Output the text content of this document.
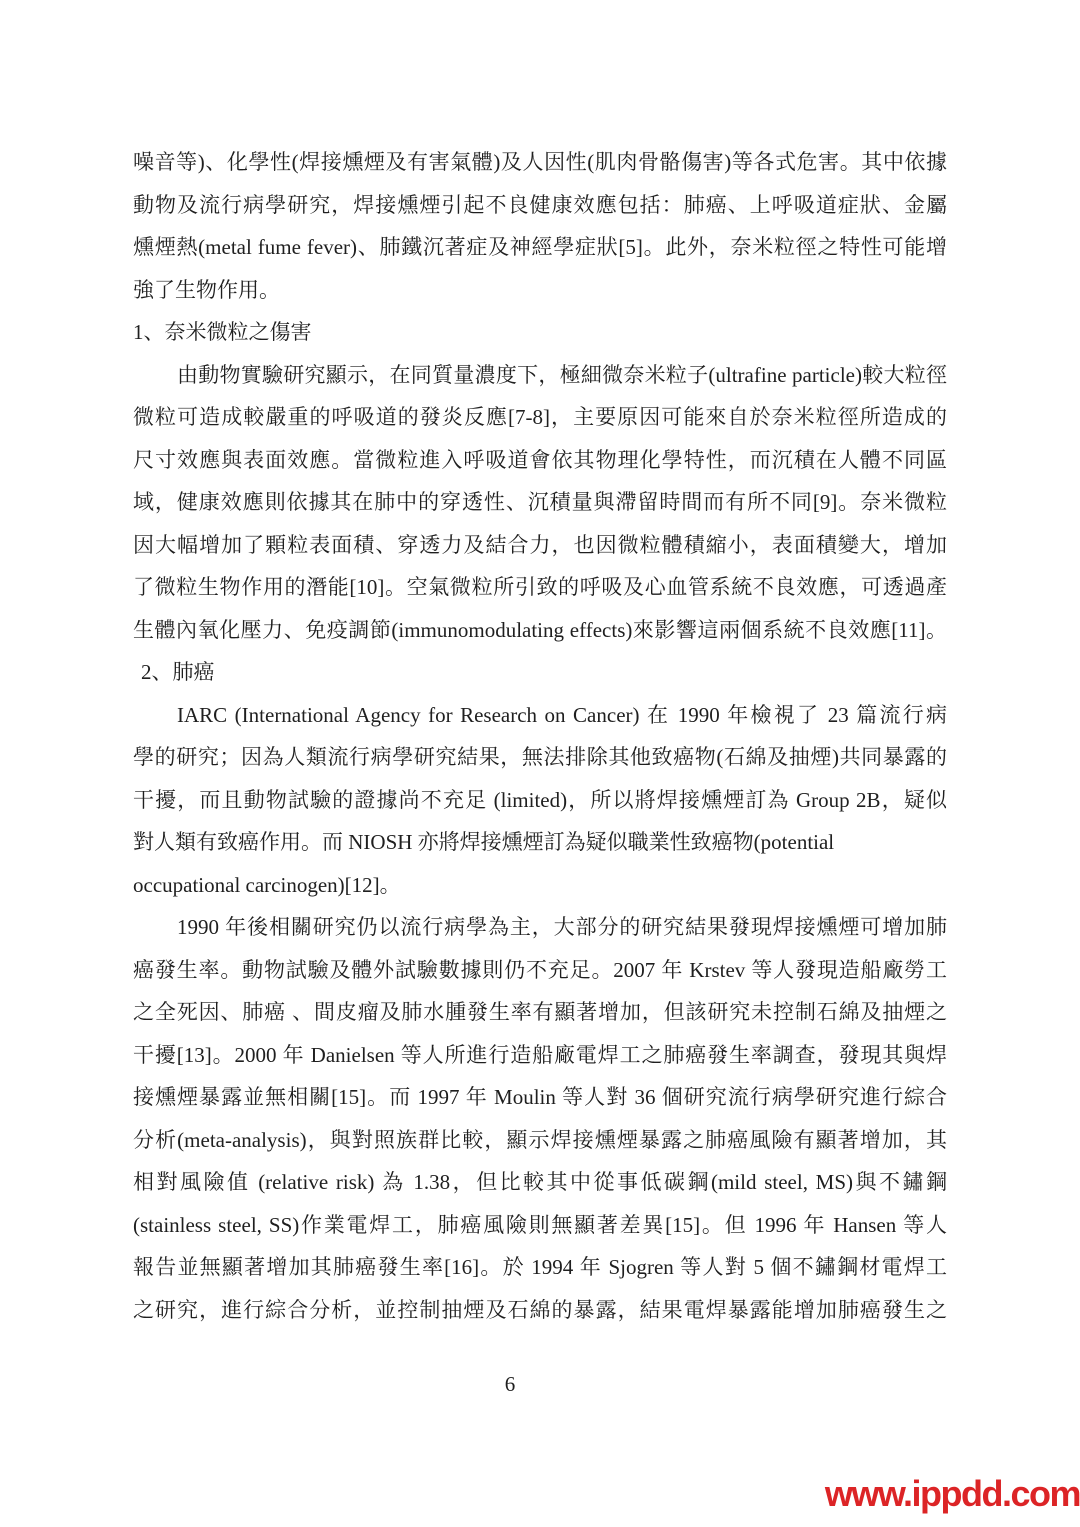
噪音等)、化學性(焊接燻煙及有害氣體)及人因性(肌肉骨骼傷害)等各式危害。其中依據
動物及流行病學研究，焊接燻煙引起不良健康效應包括：肺癌、上呼吸道症狀、金屬
燻煙熱(metal fume fever)、肺鐵沉著症及神經學症狀[5]。此外，奈米粒徑之特性可能增
強了生物作用。
1、奈米微粒之傷害
由動物實驗研究顯示，在同質量濃度下，極細微奈米粒子(ultrafine particle)較大粒徑
微粒可造成較嚴重的呼吸道的發炎反應[7-8]，主要原因可能來自於奈米粒徑所造成的
尺寸效應與表面效應。當微粒進入呼吸道會依其物理化學特性，而沉積在人體不同區
域，健康效應則依據其在肺中的穿透性、沉積量與滯留時間而有所不同[9]。奈米微粒
因大幅增加了顆粒表面積、穿透力及結合力，也因微粒體積縮小，表面積變大，增加
了微粒生物作用的潛能[10]。空氣微粒所引致的呼吸及心血管系統不良效應，可透過產
生體內氧化壓力、免疫調節(immunomodulating effects)來影響這兩個系統不良效應[11]。
2、肺癌
IARC (International Agency for Research on Cancer) 在 1990 年檢視了 23 篇流行病
學的研究；因為人類流行病學研究結果，無法排除其他致癌物(石綿及抽煙)共同暴露的
干擾，而且動物試驗的證據尚不充足 (limited)，所以將焊接燻煙訂為 Group 2B，疑似
對人類有致癌作用。而 NIOSH 亦將焊接燻煙訂為疑似職業性致癌物(potential
occupational carcinogen)[12]。
1990 年後相關研究仍以流行病學為主，大部分的研究結果發現焊接燻煙可增加肺
癌發生率。動物試驗及體外試驗數據則仍不充足。2007 年 Krstev 等人發現造船廠勞工
之全死因、肺癌 、間皮瘤及肺水腫發生率有顯著增加，但該研究未控制石綿及抽煙之
干擾[13]。2000 年 Danielsen 等人所進行造船廠電焊工之肺癌發生率調查，發現其與焊
接燻煙暴露並無相關[15]。而 1997 年 Moulin 等人對 36 個研究流行病學研究進行綜合
分析(meta-analysis)，與對照族群比較，顯示焊接燻煙暴露之肺癌風險有顯著增加，其
相對風險值 (relative risk) 為 1.38，但比較其中從事低碳鋼(mild steel, MS)與不鏽鋼
(stainless steel, SS)作業電焊工，肺癌風險則無顯著差異[15]。但 1996 年 Hansen 等人
報告並無顯著增加其肺癌發生率[16]。於 1994 年 Sjogren 等人對 5 個不鏽鋼材電焊工
之研究，進行綜合分析，並控制抽煙及石綿的暴露，結果電焊暴露能增加肺癌發生之
6
www.ippdd.com
